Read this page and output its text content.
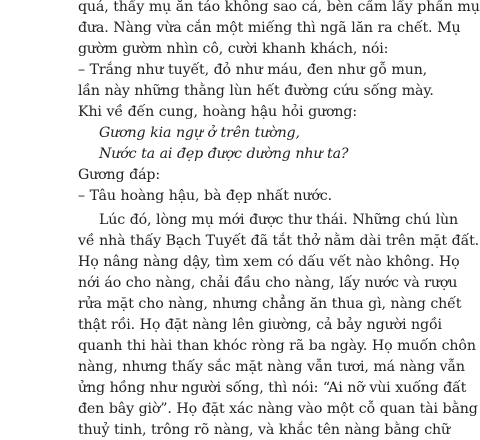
quá, thấy mụ ăn táo không sao cả, bèn cầm lấy phần mụ
đưa. Nàng vừa cắn một miếng thì ngã lăn ra chết. Mụ
gườm gườm nhìn cô, cười khanh khách, nói:
– Trắng như tuyết, đỏ như máu, đen như gỗ mun,
lần này những thằng lùn hết đường cứu sống mày.
Khi về đến cung, hoàng hậu hỏi gương:
Gương kia ngự ở trên tường,
Nước ta ai đẹp được dường như ta?
Gương đáp:
– Tâu hoàng hậu, bà đẹp nhất nước.
Lúc đó, lòng mụ mới được thư thái. Những chú lùn
về nhà thấy Bạch Tuyết đã tắt thở nằm dài trên mặt đất.
Họ nâng nàng dậy, tìm xem có dấu vết nào không. Họ
nới áo cho nàng, chải đầu cho nàng, lấy nước và rượu
rửa mặt cho nàng, nhưng chẳng ăn thua gì, nàng chết
thật rồi. Họ đặt nàng lên giường, cả bảy người ngồi
quanh thi hài than khóc ròng rã ba ngày. Họ muốn chôn
nàng, nhưng thấy sắc mặt nàng vẫn tươi, má nàng vẫn
ửng hồng như người sống, thì nói: “Ai nỡ vùi xuống đất
đen bây giờ”. Họ đặt xác nàng vào một cỗ quan tài bằng
thuỷ tinh, trông rõ nàng, và khắc tên nàng bằng chữ
